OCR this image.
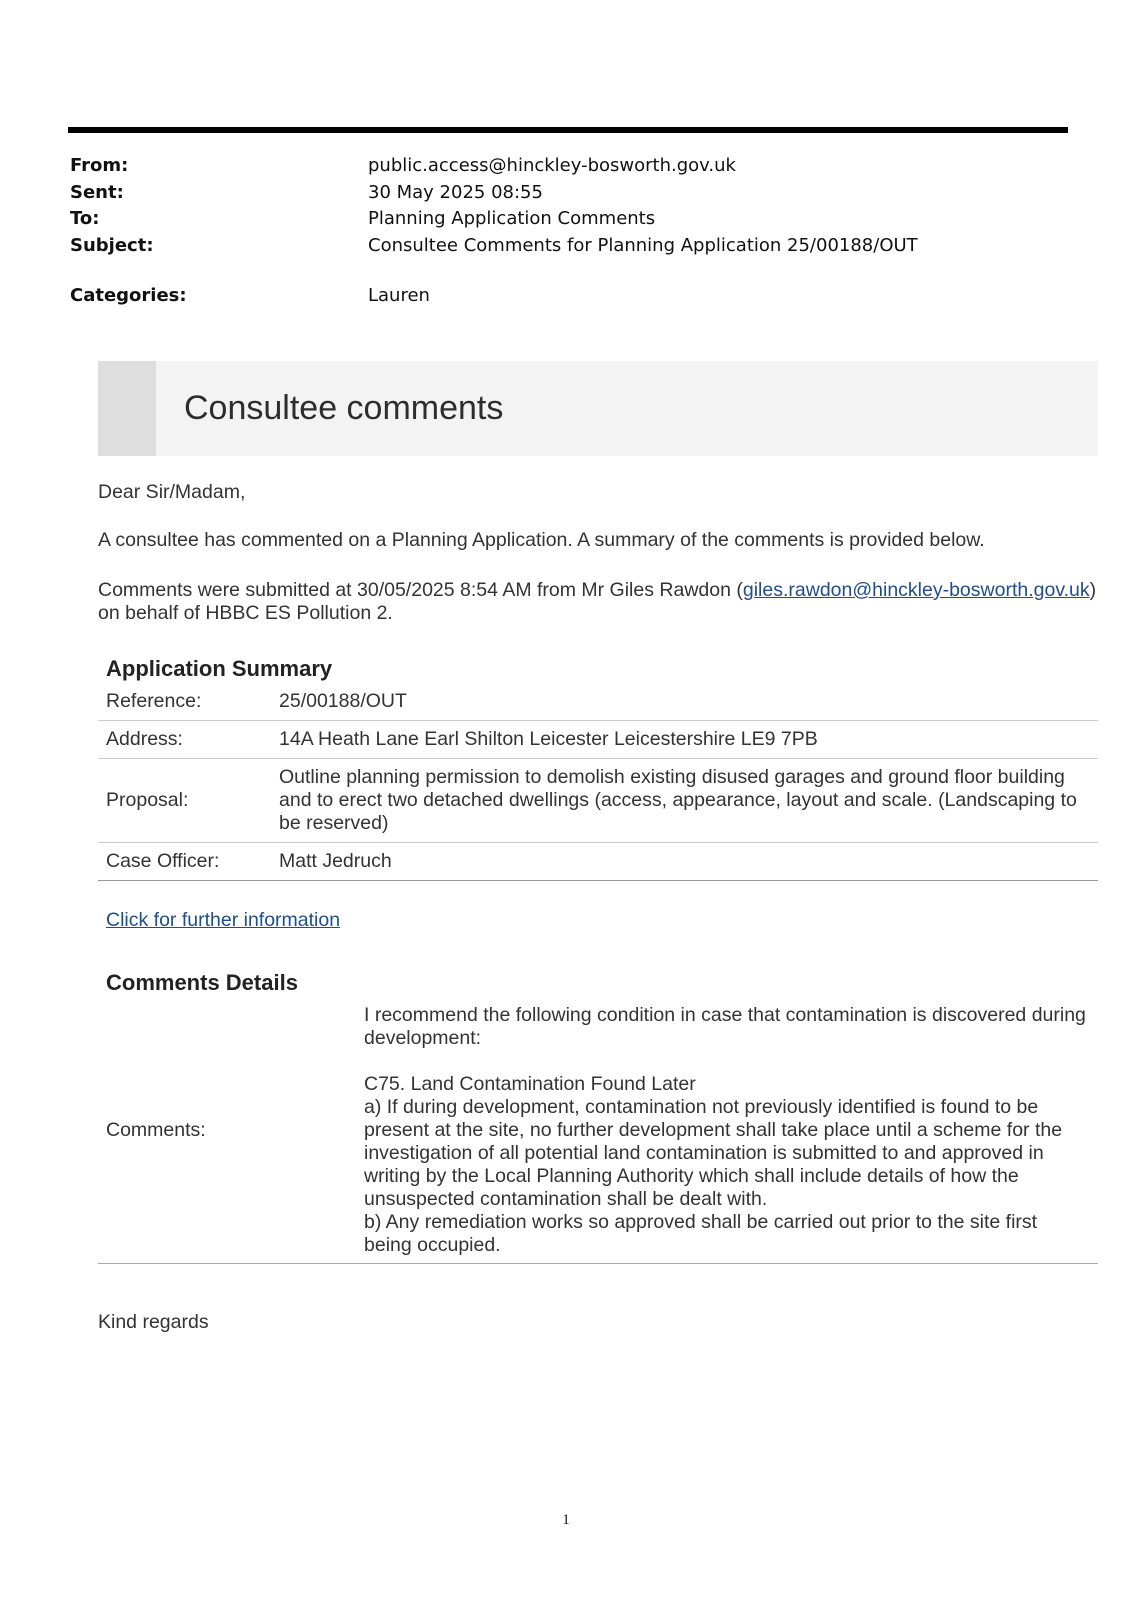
From:	public.access@hinckley-bosworth.gov.uk
Sent:	30 May 2025 08:55
To:	Planning Application Comments
Subject:	Consultee Comments for Planning Application 25/00188/OUT
Categories:	Lauren
Consultee comments

Dear Sir/Madam,

A consultee has commented on a Planning Application. A summary of the comments is provided below.

Comments were submitted at 30/05/2025 8:54 AM from Mr Giles Rawdon (giles.rawdon@hinckley-bosworth.gov.uk) on behalf of HBBC ES Pollution 2.

Application Summary
Reference:	25/00188/OUT
Address:	14A Heath Lane Earl Shilton Leicester Leicestershire LE9 7PB
Proposal:	Outline planning permission to demolish existing disused garages and ground floor building and to erect two detached dwellings (access, appearance, layout and scale. (Landscaping to be reserved)
Case Officer:	Matt Jedruch

Click for further information

Comments Details
Comments:	
I recommend the following condition in case that contamination is discovered during development:
C75. Land Contamination Found Later
a) If during development, contamination not previously identified is found to be present at the site, no further development shall take place until a scheme for the investigation of all potential land contamination is submitted to and approved in writing by the Local Planning Authority which shall include details of how the unsuspected contamination shall be dealt with.
b) Any remediation works so approved shall be carried out prior to the site first being occupied.

Kind regards

1
